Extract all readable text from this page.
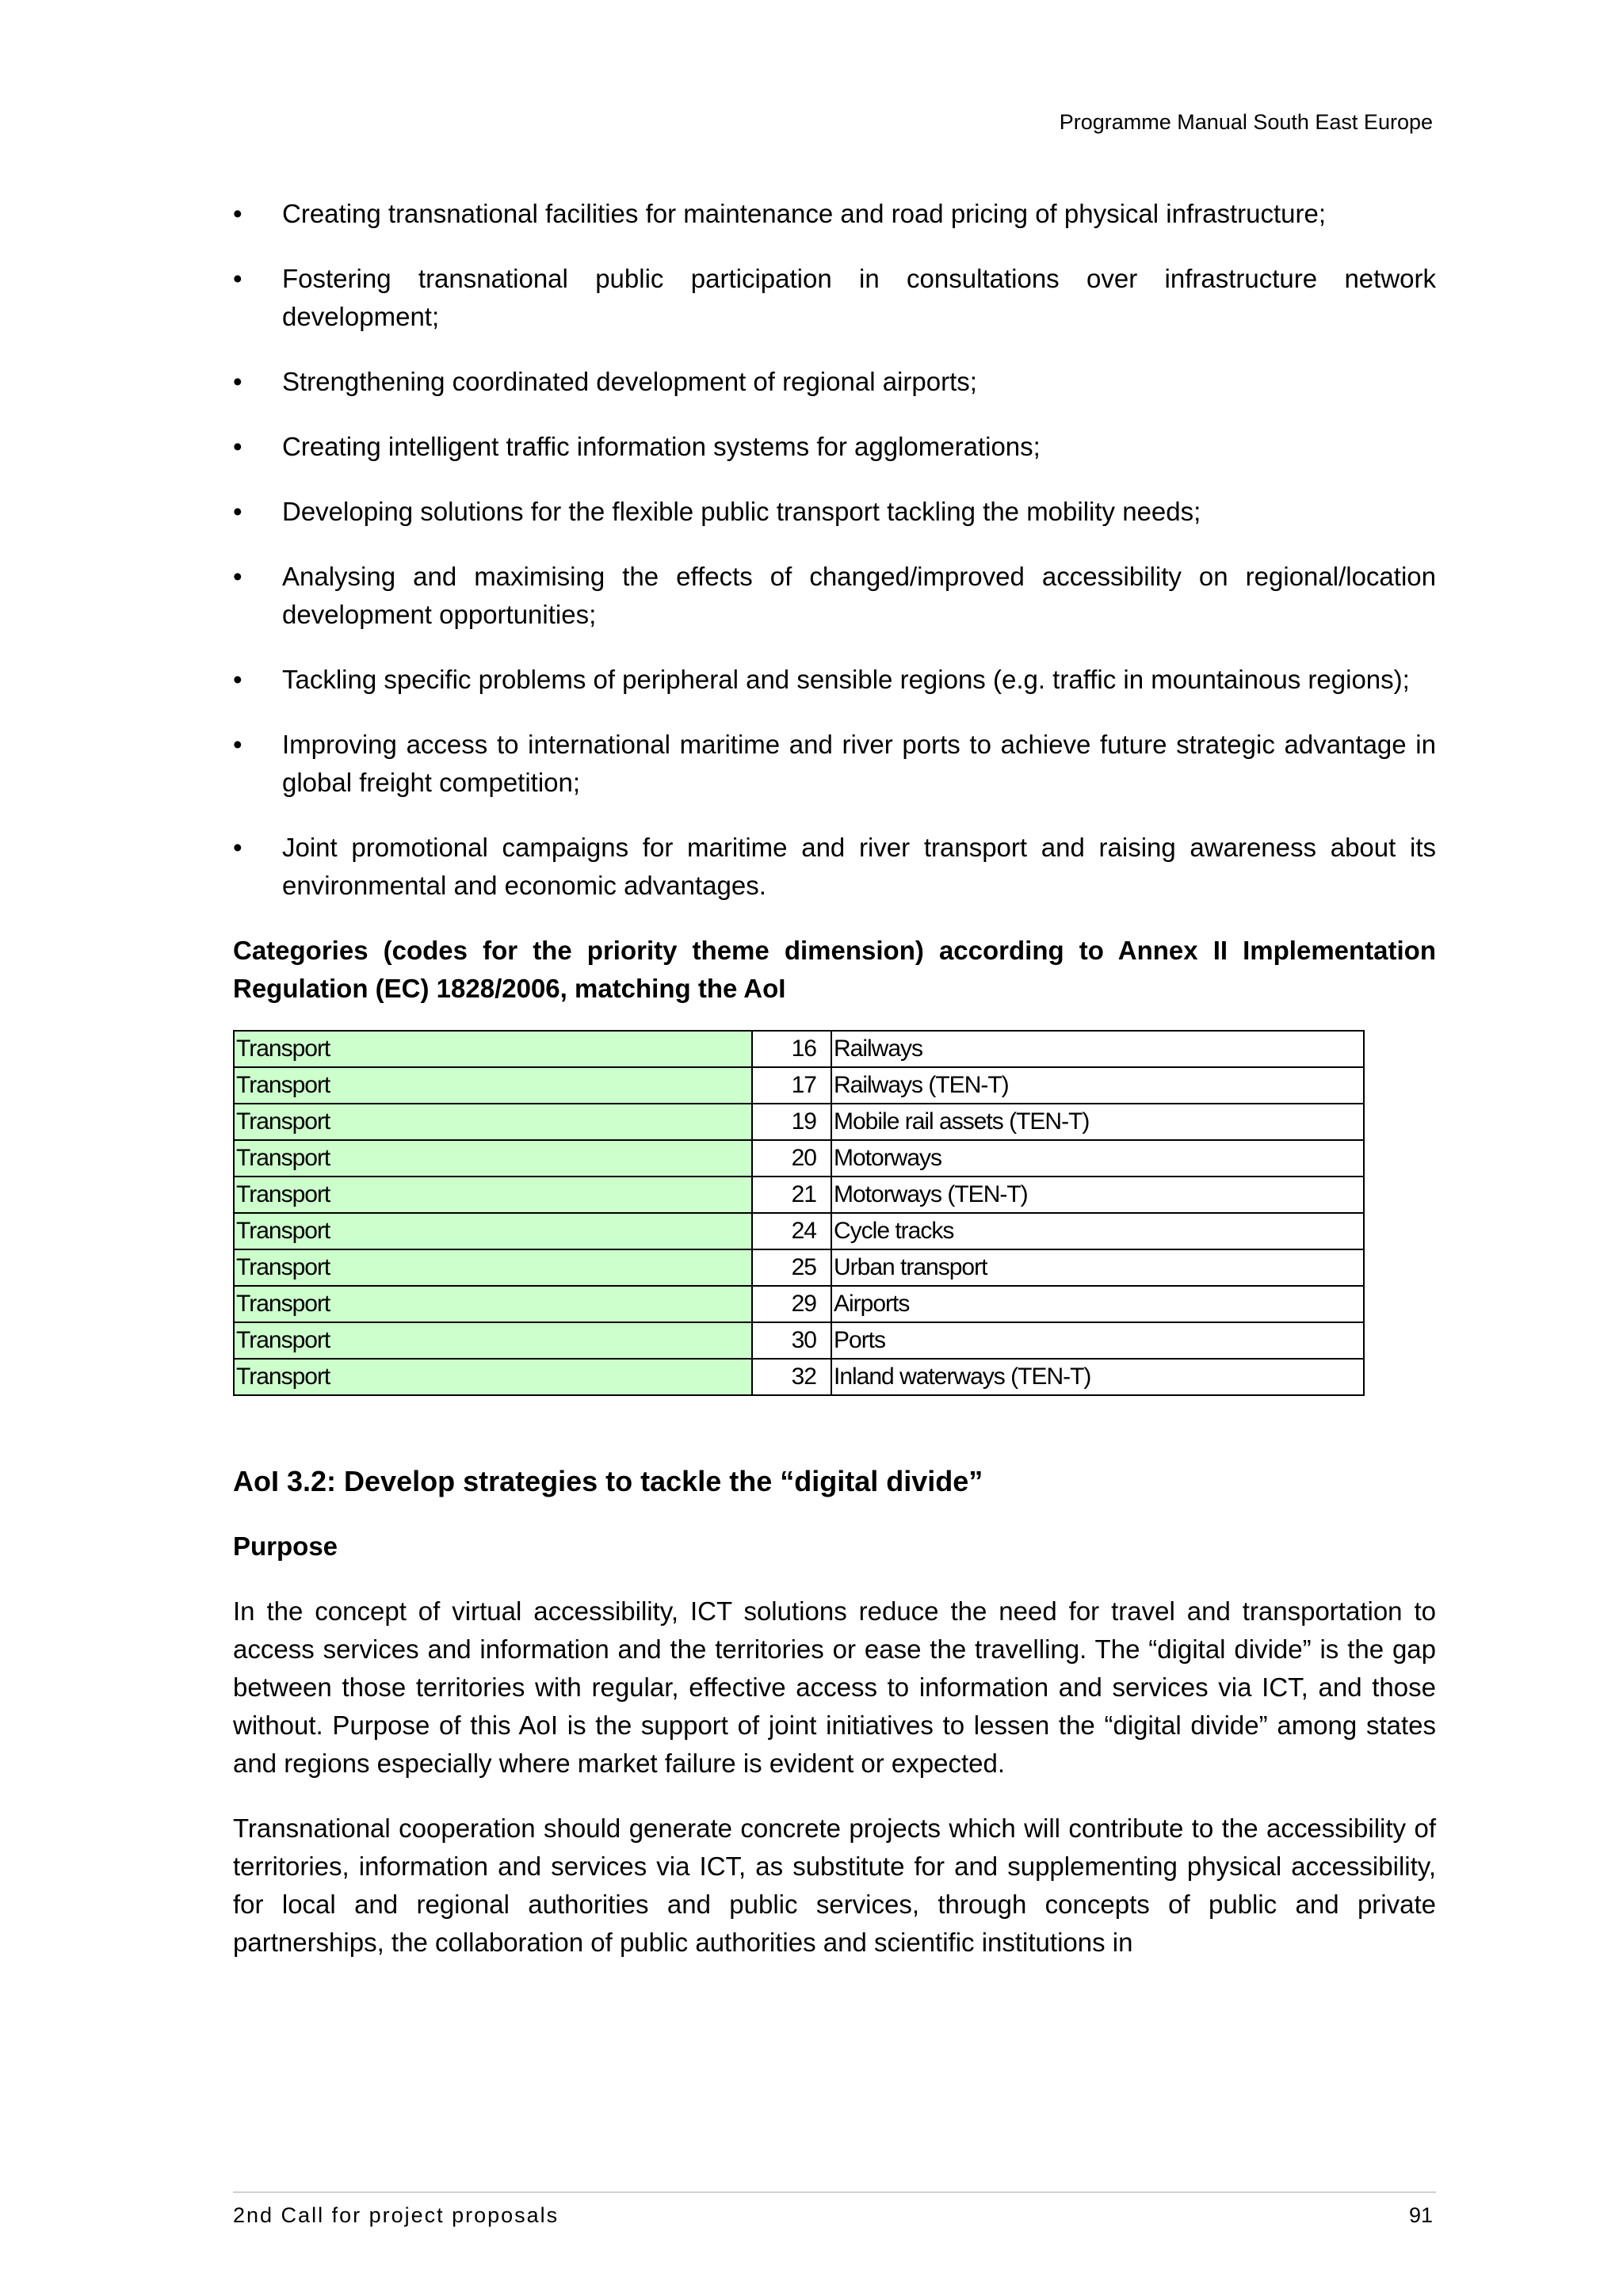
Programme Manual South East Europe
• Creating transnational facilities for maintenance and road pricing of physical infrastructure;
• Fostering transnational public participation in consultations over infrastructure network development;
• Strengthening coordinated development of regional airports;
• Creating intelligent traffic information systems for agglomerations;
• Developing solutions for the flexible public transport tackling the mobility needs;
• Analysing and maximising the effects of changed/improved accessibility on regional/location development opportunities;
• Tackling specific problems of peripheral and sensible regions (e.g. traffic in mountainous regions);
• Improving access to international maritime and river ports to achieve future strategic advantage in global freight competition;
• Joint promotional campaigns for maritime and river transport and raising awareness about its environmental and economic advantages.
Categories (codes for the priority theme dimension) according to Annex II Implementation Regulation (EC) 1828/2006, matching the AoI
Transport	16	Railways
Transport	17	Railways (TEN-T)
Transport	19	Mobile rail assets (TEN-T)
Transport	20	Motorways
Transport	21	Motorways (TEN-T)
Transport	24	Cycle tracks
Transport	25	Urban transport
Transport	29	Airports
Transport	30	Ports
Transport	32	Inland waterways (TEN-T)
AoI 3.2: Develop strategies to tackle the “digital divide”
Purpose

In the concept of virtual accessibility, ICT solutions reduce the need for travel and transportation to access services and information and the territories or ease the travelling. The “digital divide” is the gap between those territories with regular, effective access to information and services via ICT, and those without. Purpose of this AoI is the support of joint initiatives to lessen the “digital divide” among states and regions especially where market failure is evident or expected.

Transnational cooperation should generate concrete projects which will contribute to the accessibility of territories, information and services via ICT, as substitute for and supplementing physical accessibility, for local and regional authorities and public services, through concepts of public and private partnerships, the collaboration of public authorities and scientific institutions in

2nd Call for project proposals	91
